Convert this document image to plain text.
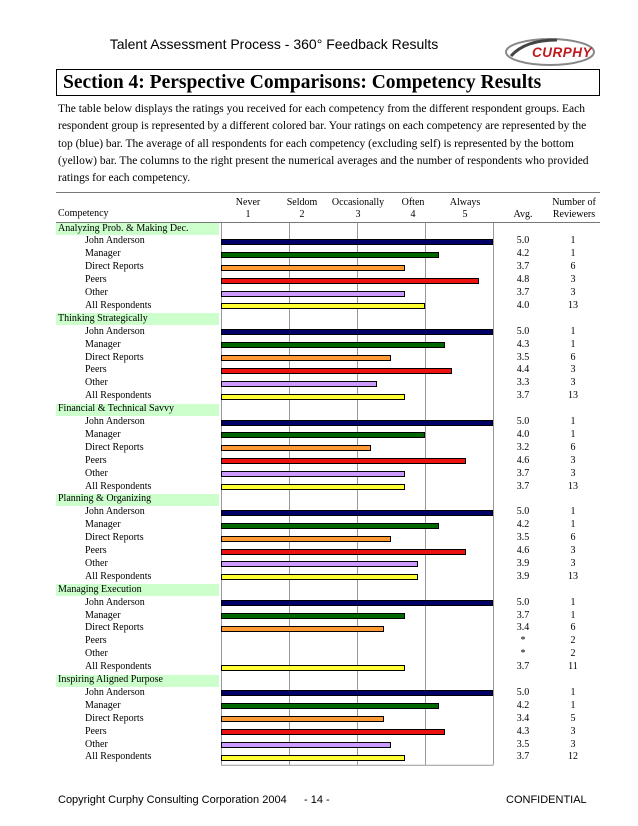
Talent Assessment Process - 360° Feedback Results
CURPHY
Section 4: Perspective Comparisons: Competency Results
The table below displays the ratings you received for each competency from the different respondent groups. Each respondent group is represented by a different colored bar. Your ratings on each competency are represented by the top (blue) bar. The average of all respondents for each competency (excluding self) is represented by the bottom (yellow) bar. The columns to the right present the numerical averages and the number of respondents who provided ratings for each competency.
Competency
Never
1
Seldom
2
Occasionally
3
Often
4
Always
5	Avg.
Number of
Reviewers
Analyzing Prob. & Making Dec.
John Anderson	5.0	1
Manager	4.2	1
Direct Reports	3.7	6
Peers	4.8	3
Other	3.7	3
All Respondents	4.0	13
Thinking Strategically
John Anderson	5.0	1
Manager	4.3	1
Direct Reports	3.5	6
Peers	4.4	3
Other	3.3	3
All Respondents	3.7	13
Financial & Technical Savvy
John Anderson	5.0	1
Manager	4.0	1
Direct Reports	3.2	6
Peers	4.6	3
Other	3.7	3
All Respondents	3.7	13
Planning & Organizing
John Anderson	5.0	1
Manager	4.2	1
Direct Reports	3.5	6
Peers	4.6	3
Other	3.9	3
All Respondents	3.9	13
Managing Execution
John Anderson	5.0	1
Manager	3.7	1
Direct Reports	3.4	6
Peers	*	2
Other	*	2
All Respondents	3.7	11
Inspiring Aligned Purpose
John Anderson	5.0	1
Manager	4.2	1
Direct Reports	3.4	5
Peers	4.3	3
Other	3.5	3
All Respondents	3.7	12
Copyright Curphy Consulting Corporation 2004 - 14 -	CONFIDENTIAL
